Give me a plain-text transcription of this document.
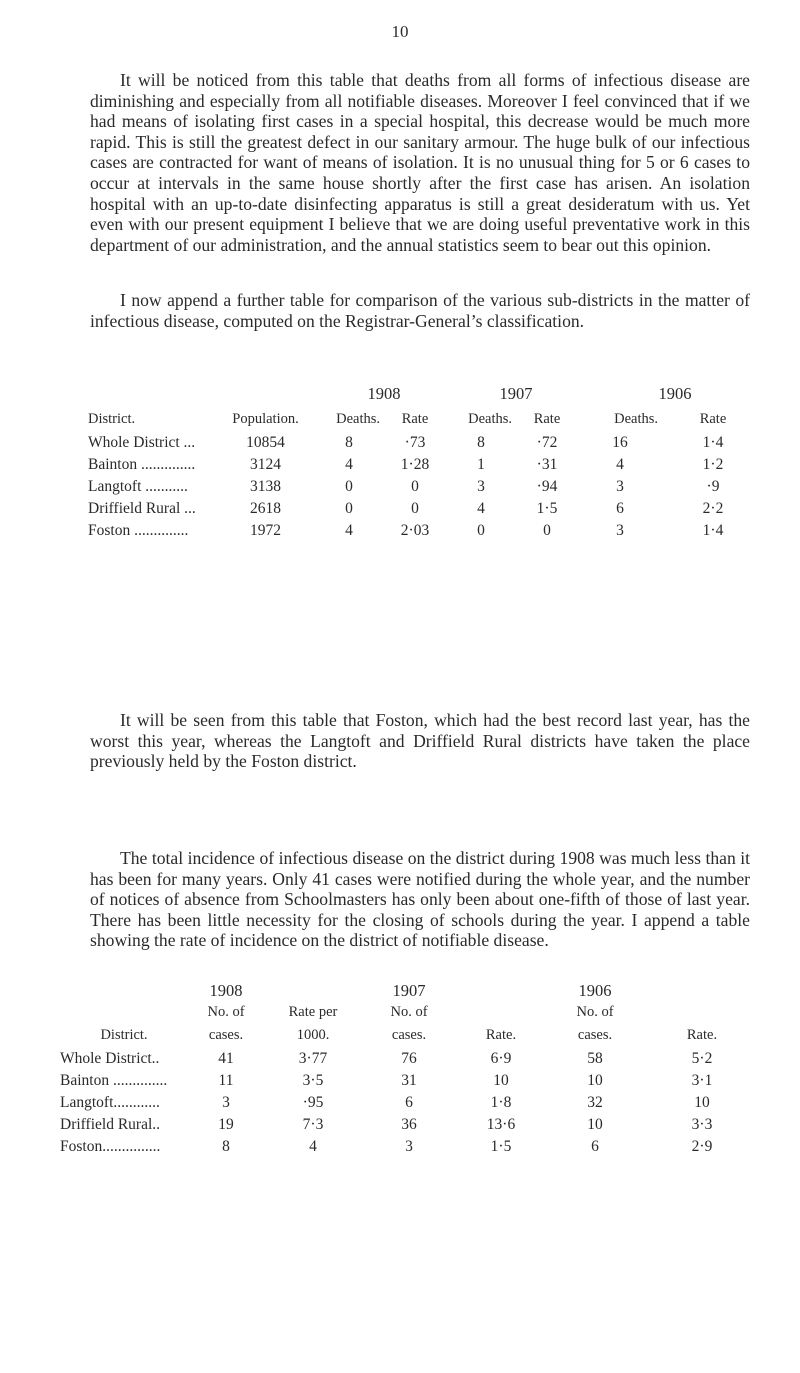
10

It will be noticed from this table that deaths from all forms of infectious disease are diminishing and especially from all notifiable diseases. Moreover I feel convinced that if we had means of isolating first cases in a special hospital, this decrease would be much more rapid. This is still the greatest defect in our sanitary armour. The huge bulk of our infectious cases are contracted for want of means of isolation. It is no unusual thing for 5 or 6 cases to occur at intervals in the same house shortly after the first case has arisen. An isolation hospital with an up-to-date disinfecting apparatus is still a great desideratum with us. Yet even with our present equipment I believe that we are doing useful preventative work in this department of our administration, and the annual statistics seem to bear out this opinion.

I now append a further table for comparison of the various sub-districts in the matter of infectious disease, computed on the Registrar-General’s classification.

		1908		1907		1906	
District.	Population.	Deaths.	Rate	Deaths.	Rate	Deaths.	Rate
Whole District ...	10854	8	·73	8	·72	16	1·4
Bainton ..............	3124	4	1·28	1	·31	4	1·2
Langtoft ...........	3138	0	0	3	·94	3	·9
Driffield Rural ...	2618	0	0	4	1·5	6	2·2
Foston ..............	1972	4	2·03	0	0	3	1·4

It will be seen from this table that Foston, which had the best record last year, has the worst this year, whereas the Langtoft and Driffield Rural districts have taken the place previously held by the Foston district.

The total incidence of infectious disease on the district during 1908 was much less than it has been for many years. Only 41 cases were notified during the whole year, and the number of notices of absence from Schoolmasters has only been about one-fifth of those of last year. There has been little necessity for the closing of schools during the year. I append a table showing the rate of incidence on the district of notifiable disease.

	1908		1907		1906	
	No. of	Rate per	No. of		No. of	
District.	cases.	1000.	cases.	Rate.	cases.	Rate.
Whole District..	41	3·77	76	6·9	58	5·2
Bainton ..............	11	3·5	31	10	10	3·1
Langtoft............	3	·95	6	1·8	32	10
Driffield Rural..	19	7·3	36	13·6	10	3·3
Foston...............	8	4	3	1·5	6	2·9
